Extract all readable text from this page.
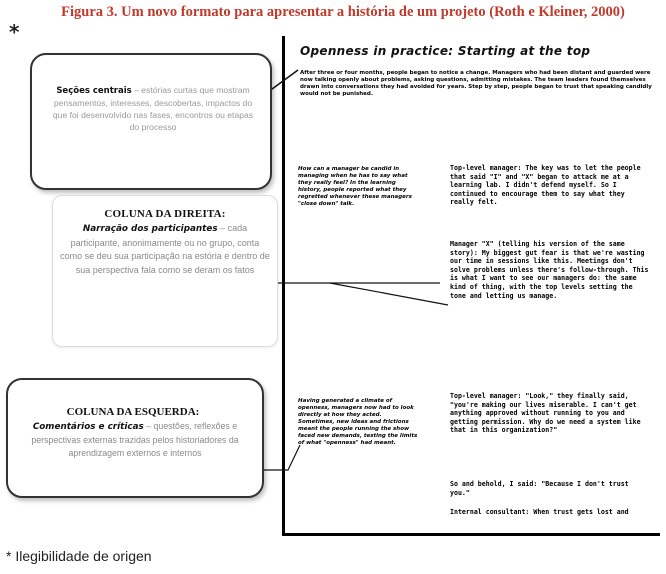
Figura 3. Um novo formato para apresentar a história de um projeto (Roth e Kleiner, 2000)
*
Openness in practice: Starting at the top
After three or four months, people began to notice a change. Managers who had been distant and guarded were now talking openly about problems, asking questions, admitting mistakes. The team leaders found themselves drawn into conversations they had avoided for years. Step by step, people began to trust that speaking candidly would not be punished.
How can a manager be candid in managing when he has to say what they really feel? In the learning history, people reported what they regretted whenever these managers "close down" talk.
Having generated a climate of openness, managers now had to look directly at how they acted. Sometimes, new ideas and frictions meant the people running the show faced new demands, testing the limits of what "openness" had meant.
Top-level manager: The key was to let the people that said "I" and "X" began to attack me at a learning lab. I didn't defend myself. So I continued to encourage them to say what they really felt.
Manager "X" (telling his version of the same story): My biggest gut fear is that we're wasting our time in sessions like this. Meetings don't solve problems unless there's follow-through. This is what I want to see our managers do: the same kind of thing, with the top levels setting the tone and letting us manage.
Top-level manager: "Look," they finally said, "you're making our lives miserable. I can't get anything approved without running to you and getting permission. Why do we need a system like that in this organization?"
So and behold, I said: "Because I don't trust you."
Internal consultant: When trust gets lost and
Seções centrais – estórias curtas que mostram pensamentos, interesses, descobertas, impactos do que foi desenvolvido nas fases, encontros ou etapas do processo
COLUNA DA DIREITA:
Narração dos participantes – cada participante, anonimamente ou no grupo, conta como se deu sua participação na estória e dentro de sua perspectiva fala como se deram os fatos
COLUNA DA ESQUERDA:
Comentários e críticas – questões, reflexões e perspectivas externas trazidas pelos historiadores da aprendizagem externos e internos
* Ilegibilidade de origen
